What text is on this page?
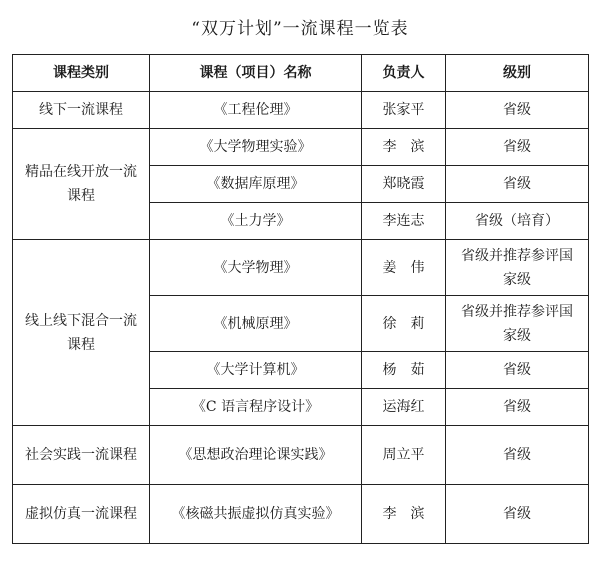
“双万计划”一流课程一览表
课程类别	课程（项目）名称	负责人	级别
线下一流课程	《工程伦理》	张家平	省级
精品在线开放一流课程	《大学物理实验》	李　滨	省级
	《数据库原理》	郑晓霞	省级
	《土力学》	李连志	省级（培育）
线上线下混合一流课程	《大学物理》	姜　伟	省级并推荐参评国家级
	《机械原理》	徐　莉	省级并推荐参评国家级
	《大学计算机》	杨　茹	省级
	《C 语言程序设计》	运海红	省级
社会实践一流课程	《思想政治理论课实践》	周立平	省级
虚拟仿真一流课程	《核磁共振虚拟仿真实验》	李　滨	省级
